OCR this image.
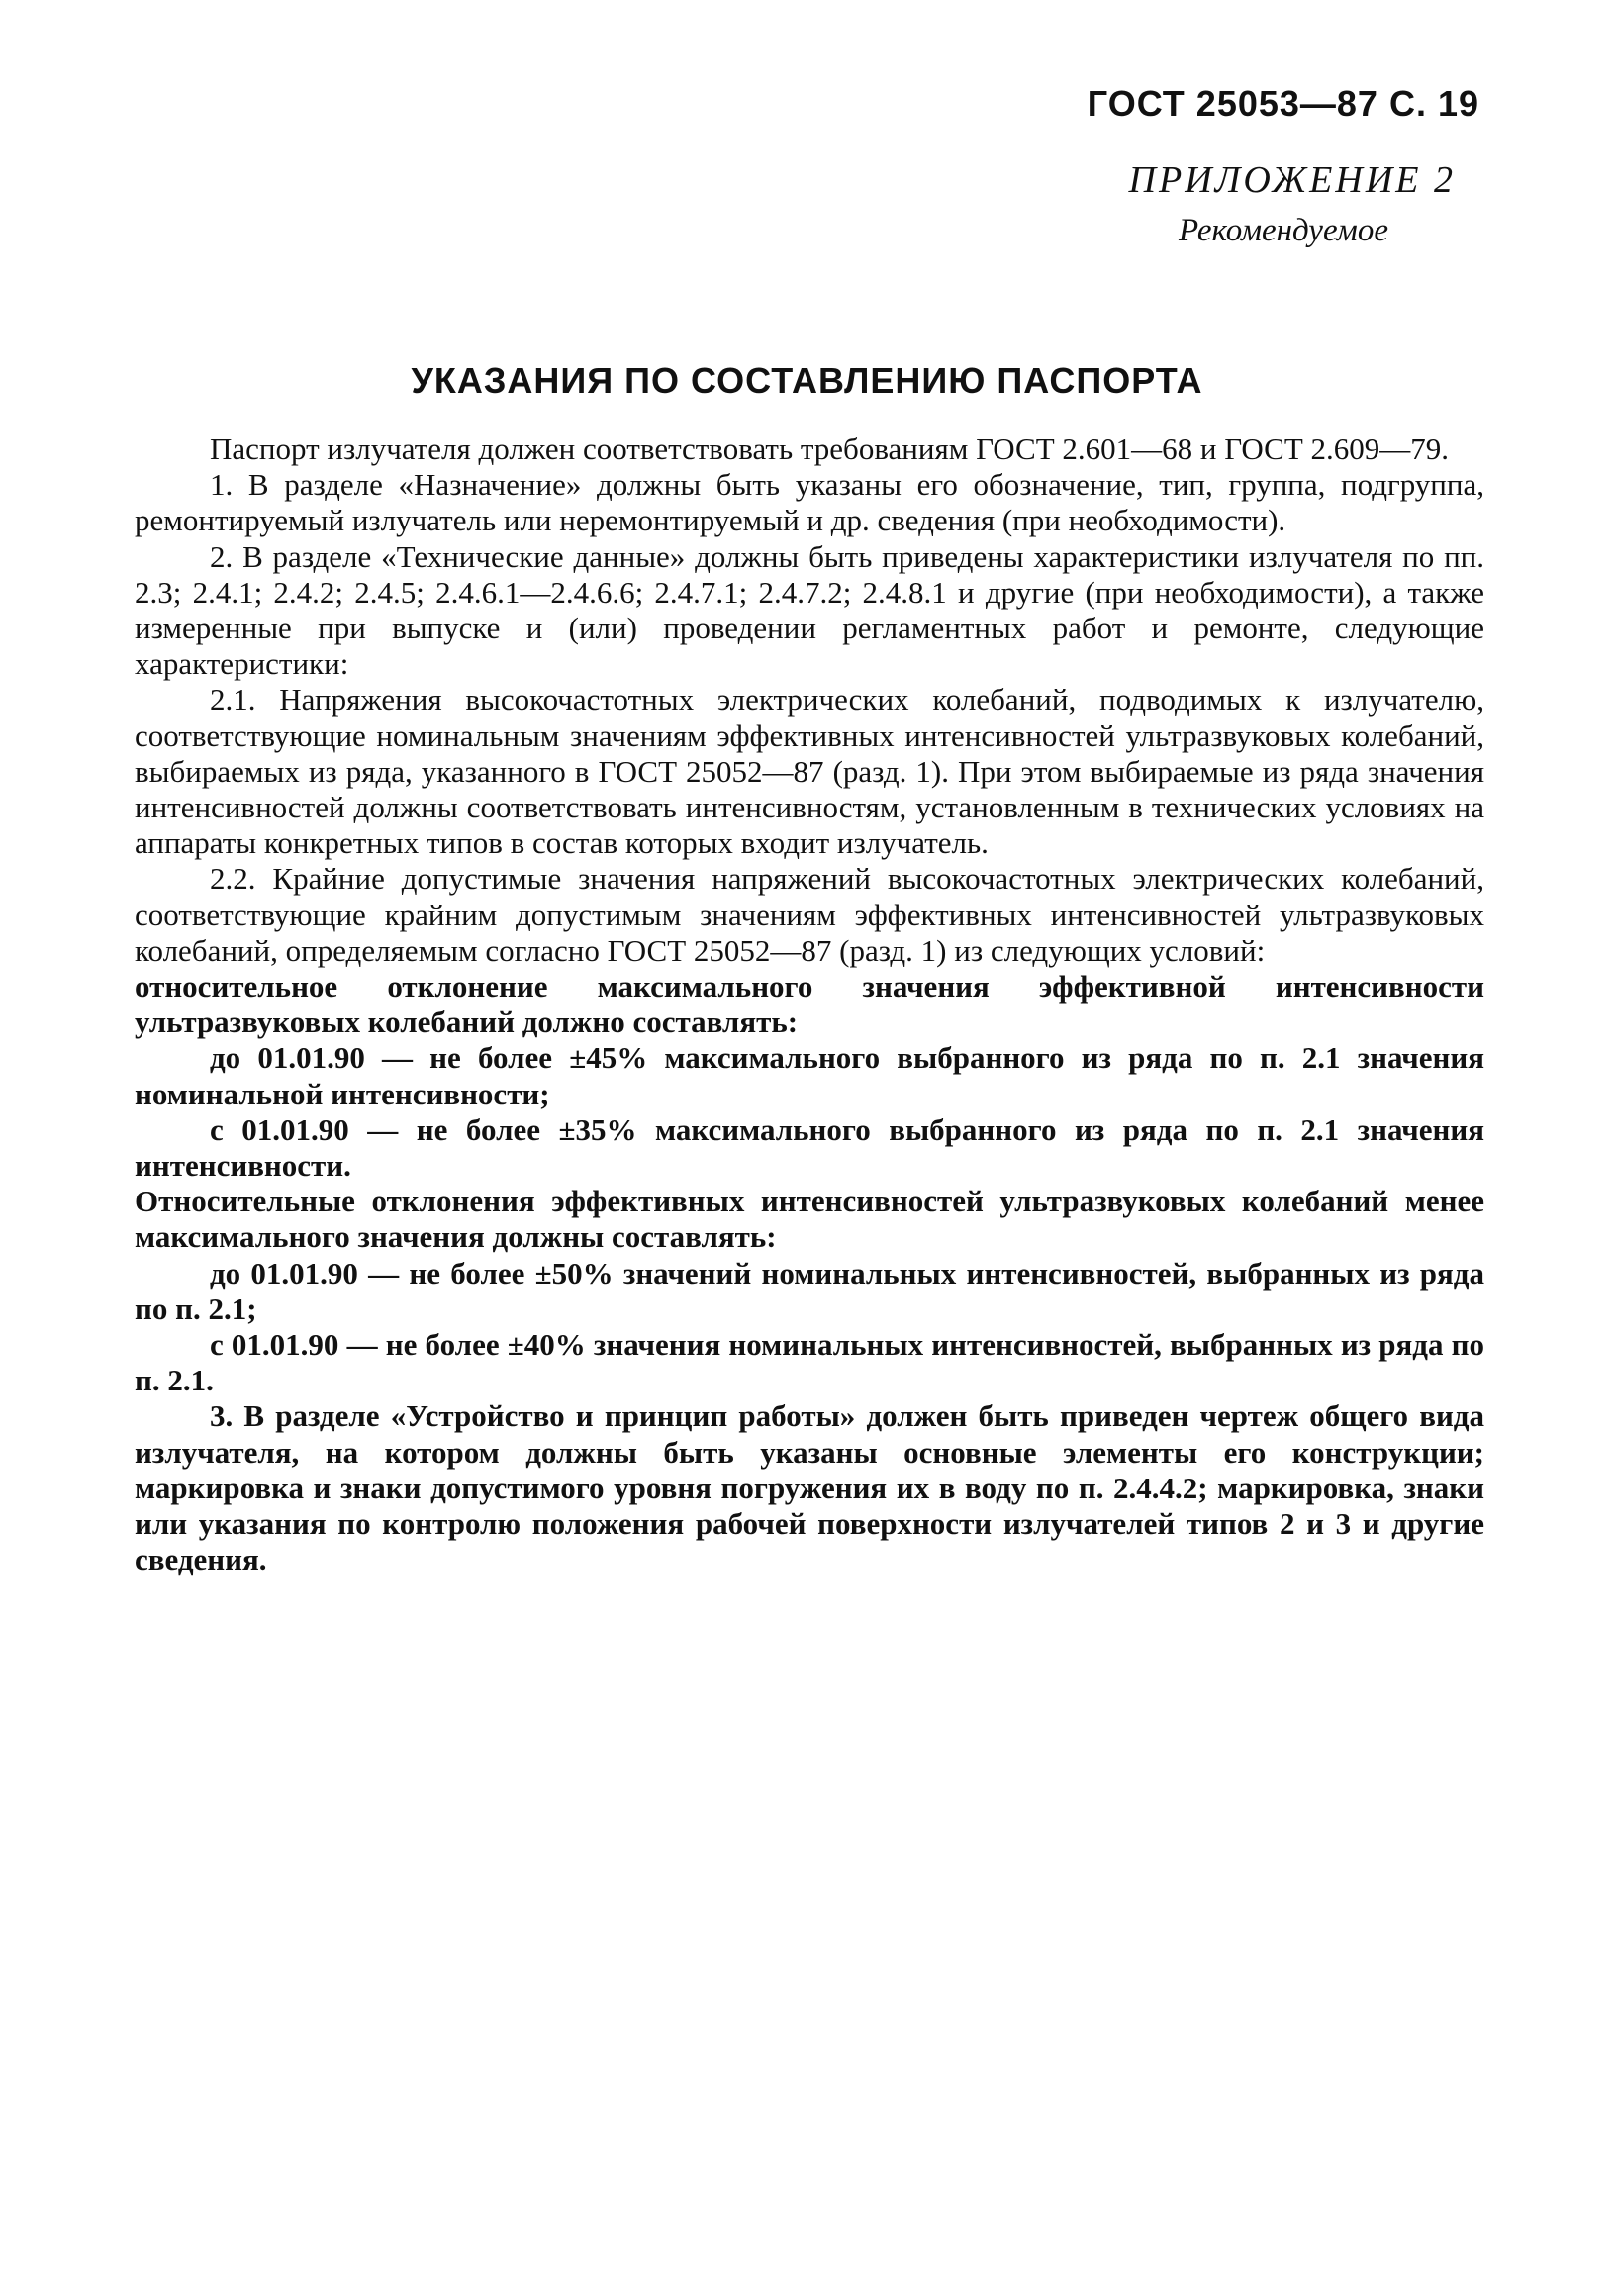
ГОСТ 25053—87 С. 19
ПРИЛОЖЕНИЕ 2
Рекомендуемое
УКАЗАНИЯ ПО СОСТАВЛЕНИЮ ПАСПОРТА

Паспорт излучателя должен соответствовать требованиям ГОСТ 2.601—68 и ГОСТ 2.609—79.

1. В разделе «Назначение» должны быть указаны его обозначение, тип, группа, подгруппа, ремонтируемый излучатель или неремонтируемый и др. сведения (при необходимости).

2. В разделе «Технические данные» должны быть приведены характеристики излучателя по пп. 2.3; 2.4.1; 2.4.2; 2.4.5; 2.4.6.1—2.4.6.6; 2.4.7.1; 2.4.7.2; 2.4.8.1 и другие (при необходимости), а также измеренные при выпуске и (или) проведении регламентных работ и ремонте, следующие характеристики:

2.1. Напряжения высокочастотных электрических колебаний, подводимых к излучателю, соответствующие номинальным значениям эффективных интенсивностей ультразвуковых колебаний, выбираемых из ряда, указанного в ГОСТ 25052—87 (разд. 1). При этом выбираемые из ряда значения интенсивностей должны соответствовать интенсивностям, установленным в технических условиях на аппараты конкретных типов в состав которых входит излучатель.

2.2. Крайние допустимые значения напряжений высокочастотных электрических колебаний, соответствующие крайним допустимым значениям эффективных интенсивностей ультразвуковых колебаний, определяемым согласно ГОСТ 25052—87 (разд. 1) из следующих условий:

относительное отклонение максимального значения эффективной интенсивности ультразвуковых колебаний должно составлять:

до 01.01.90 — не более ±45% максимального выбранного из ряда по п. 2.1 значения номинальной интенсивности;

с 01.01.90 — не более ±35% максимального выбранного из ряда по п. 2.1 значения интенсивности.

Относительные отклонения эффективных интенсивностей ультразвуковых колебаний менее максимального значения должны составлять:

до 01.01.90 — не более ±50% значений номинальных интенсивностей, выбранных из ряда по п. 2.1;

с 01.01.90 — не более ±40% значения номинальных интенсивностей, выбранных из ряда по п. 2.1.

3. В разделе «Устройство и принцип работы» должен быть приведен чертеж общего вида излучателя, на котором должны быть указаны основные элементы его конструкции; маркировка и знаки допустимого уровня погружения их в воду по п. 2.4.4.2; маркировка, знаки или указания по контролю положения рабочей поверхности излучателей типов 2 и 3 и другие сведения.
